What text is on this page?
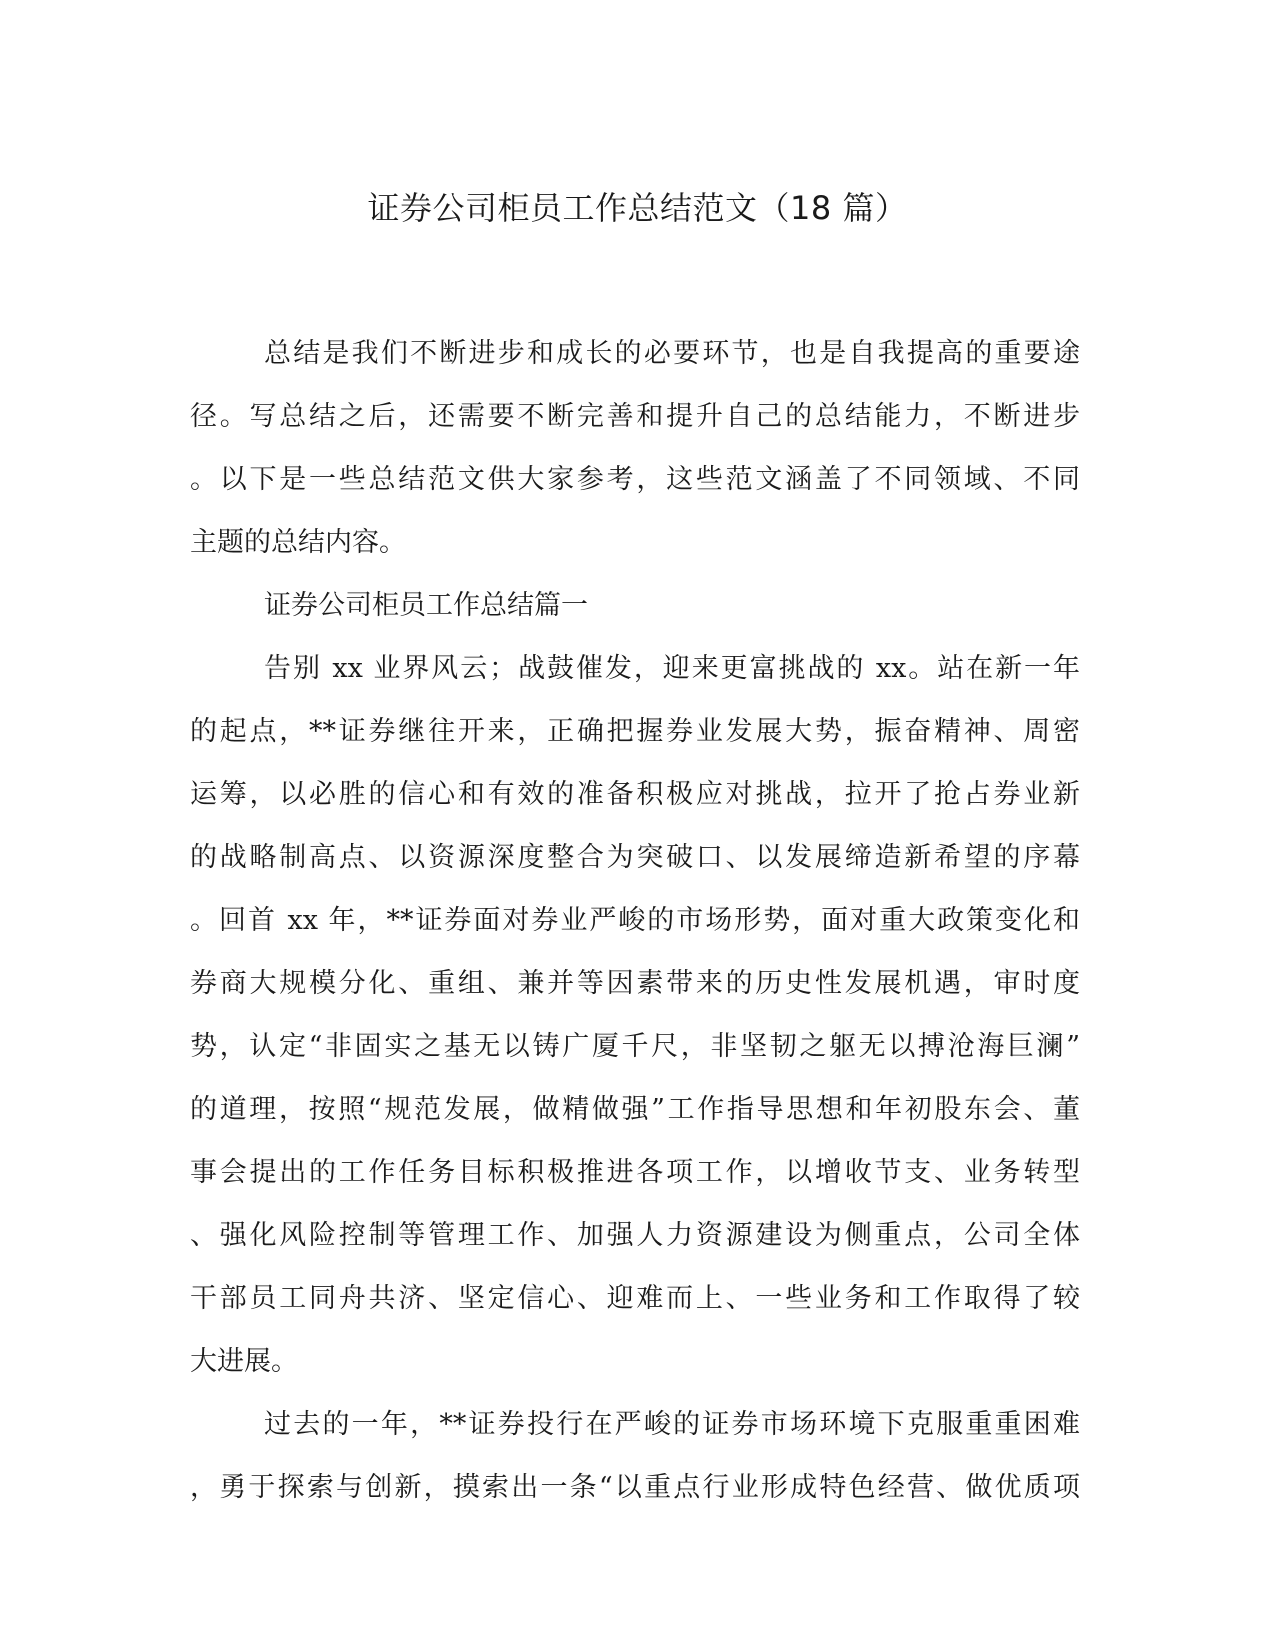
证券公司柜员工作总结范文（18 篇）
总结是我们不断进步和成长的必要环节，也是自我提高的重要途
径。写总结之后，还需要不断完善和提升自己的总结能力，不断进步
。以下是一些总结范文供大家参考，这些范文涵盖了不同领域、不同
主题的总结内容。
证券公司柜员工作总结篇一
告别 xx 业界风云；战鼓催发，迎来更富挑战的 xx。站在新一年
的起点，**证券继往开来，正确把握券业发展大势，振奋精神、周密
运筹，以必胜的信心和有效的准备积极应对挑战，拉开了抢占券业新
的战略制高点、以资源深度整合为突破口、以发展缔造新希望的序幕
。回首 xx 年，**证券面对券业严峻的市场形势，面对重大政策变化和
券商大规模分化、重组、兼并等因素带来的历史性发展机遇，审时度
势，认定“非固实之基无以铸广厦千尺，非坚韧之躯无以搏沧海巨澜”
的道理，按照“规范发展，做精做强”工作指导思想和年初股东会、董
事会提出的工作任务目标积极推进各项工作，以增收节支、业务转型
、强化风险控制等管理工作、加强人力资源建设为侧重点，公司全体
干部员工同舟共济、坚定信心、迎难而上、一些业务和工作取得了较
大进展。
过去的一年，**证券投行在严峻的证券市场环境下克服重重困难
，勇于探索与创新，摸索出一条“以重点行业形成特色经营、做优质项
